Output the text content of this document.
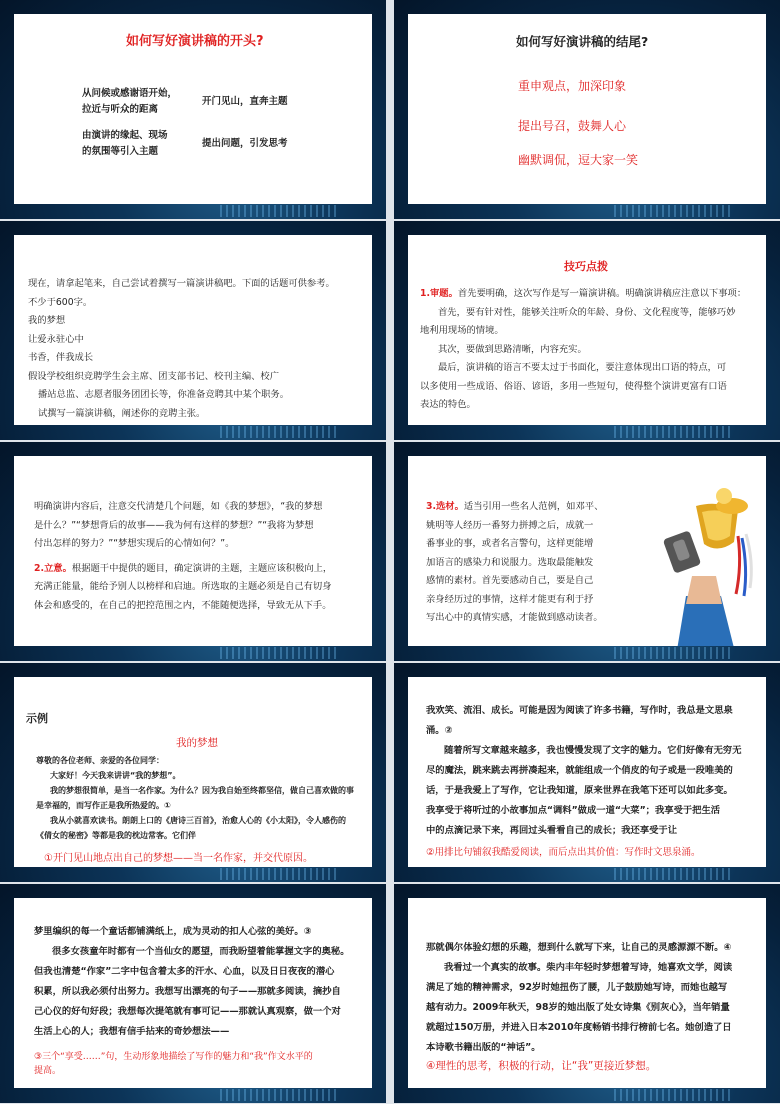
如何写好演讲稿的开头?
从问候或感谢语开始，
拉近与听众的距离
开门见山，直奔主题
由演讲的缘起、现场
的氛围等引入主题
提出问题，引发思考
如何写好演讲稿的结尾?
重申观点，加深印象
提出号召，鼓舞人心
幽默调侃，逗大家一笑

现在，请拿起笔来，自己尝试着撰写一篇演讲稿吧。下面的话题可供参考。

不少于600字。

我的梦想

让爱永驻心中

书香，伴我成长

假设学校组织竞聘学生会主席、团支部书记、校刊主编、校广

播站总监、志愿者服务团团长等，你准备竞聘其中某个职务。

试撰写一篇演讲稿，阐述你的竞聘主张。

技巧点拨

1.审题。首先要明确，这次写作是写一篇演讲稿。明确演讲稿应注意以下事项：

首先，要有针对性，能够关注听众的年龄、身份、文化程度等，能够巧妙

地利用现场的情境。

其次，要做到思路清晰，内容充实。

最后，演讲稿的语言不要太过于书面化，要注意体现出口语的特点，可

以多使用一些成语、俗语、谚语，多用一些短句，使得整个演讲更富有口语

表达的特色。

明确演讲内容后，注意交代清楚几个问题，如《我的梦想》，“我的梦想

是什么？”“梦想背后的故事——我为何有这样的梦想？”“我将为梦想

付出怎样的努力？”“梦想实现后的心情如何？”。

2.立意。根据题干中提供的题目，确定演讲的主题，主题应该积极向上，

充满正能量，能给予别人以榜样和启迪。所选取的主题必须是自己有切身

体会和感受的，在自己的把控范围之内，不能随便选择，导致无从下手。

3.选材。适当引用一些名人范例，如邓平、

姚明等人经历一番努力拼搏之后，成就一

番事业的事，或者名言警句，这样更能增

加语言的感染力和说服力。选取最能触发

感情的素材。首先要感动自己，要是自己

亲身经历过的事情，这样才能更有利于抒

写出心中的真情实感，才能做到感动读者。

示例
我的梦想

尊敬的各位老师、亲爱的各位同学：

大家好！今天我来讲讲“我的梦想”。

我的梦想很简单，是当一名作家。为什么？因为我自始至终都坚信，做自己喜欢做的事

是幸福的，而写作正是我所热爱的。①

我从小就喜欢读书。朗朗上口的《唐诗三百首》，治愈人心的《小太阳》，令人感伤的

《倩女的秘密》等都是我的枕边常客。它们伴

①开门见山地点出自己的梦想——当一名作家，并交代原因。

我欢笑、流泪、成长。可能是因为阅读了许多书籍，写作时，我总是文思泉

涌。②

随着所写文章越来越多，我也慢慢发现了文字的魅力。它们好像有无穷无

尽的魔法，跳来跳去再拼凑起来，就能组成一个俏皮的句子或是一段唯美的

话，于是我爱上了写作，它让我知道，原来世界在我笔下还可以如此多变。

我享受于将听过的小故事加点“调料”做成一道“大菜”；我享受于把生活

中的点滴记录下来，再回过头看看自己的成长；我还享受于让

②用排比句铺叙我酷爱阅读，而后点出其价值：写作时文思泉涌。

梦里编织的每一个童话都铺满纸上，成为灵动的扣人心弦的美好。③

很多女孩童年时都有一个当仙女的愿望，而我盼望着能掌握文字的奥秘。

但我也清楚“作家”二字中包含着太多的汗水、心血，以及日日夜夜的潜心

积累，所以我必须付出努力。我想写出漂亮的句子——那就多阅读，摘抄自

己心仪的好句好段；我想每次提笔就有事可记——那就认真观察，做一个对

生活上心的人；我想有信手拈来的奇妙想法——

③三个“享受……”句，生动形象地描绘了写作的魅力和“我”作文水平的
提高。

那就偶尔体验幻想的乐趣，想到什么就写下来，让自己的灵感源源不断。④

我看过一个真实的故事。柴内丰年轻时梦想着写诗，她喜欢文学，阅读

满足了她的精神需求，92岁时她扭伤了腰，儿子鼓励她写诗，而她也越写

越有动力。2009年秋天，98岁的她出版了处女诗集《别灰心》，当年销量

就超过150万册，并进入日本2010年度畅销书排行榜前七名。她创造了日

本诗歌书籍出版的“神话”。

④理性的思考，积极的行动，让“我”更接近梦想。
